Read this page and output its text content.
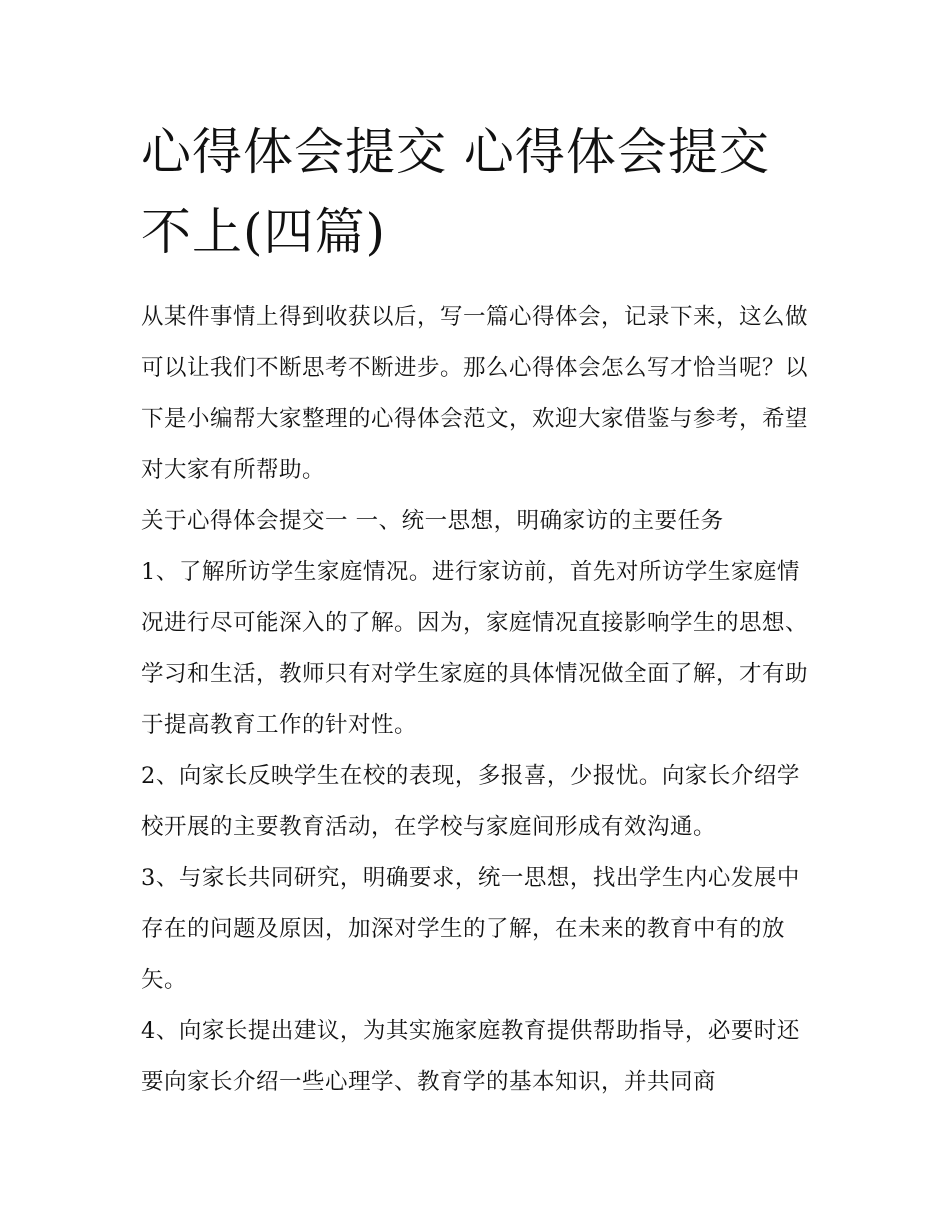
心得体会提交 心得体会提交不上(四篇)

从某件事情上得到收获以后，写一篇心得体会，记录下来，这么做可以让我们不断思考不断进步。那么心得体会怎么写才恰当呢？以下是小编帮大家整理的心得体会范文，欢迎大家借鉴与参考，希望对大家有所帮助。

关于心得体会提交一 一、统一思想，明确家访的主要任务

1、了解所访学生家庭情况。进行家访前，首先对所访学生家庭情况进行尽可能深入的了解。因为，家庭情况直接影响学生的思想、学习和生活，教师只有对学生家庭的具体情况做全面了解，才有助于提高教育工作的针对性。

2、向家长反映学生在校的表现，多报喜，少报忧。向家长介绍学校开展的主要教育活动，在学校与家庭间形成有效沟通。

3、与家长共同研究，明确要求，统一思想，找出学生内心发展中存在的问题及原因，加深对学生的了解，在未来的教育中有的放矢。

4、向家长提出建议，为其实施家庭教育提供帮助指导，必要时还要向家长介绍一些心理学、教育学的基本知识，并共同商
